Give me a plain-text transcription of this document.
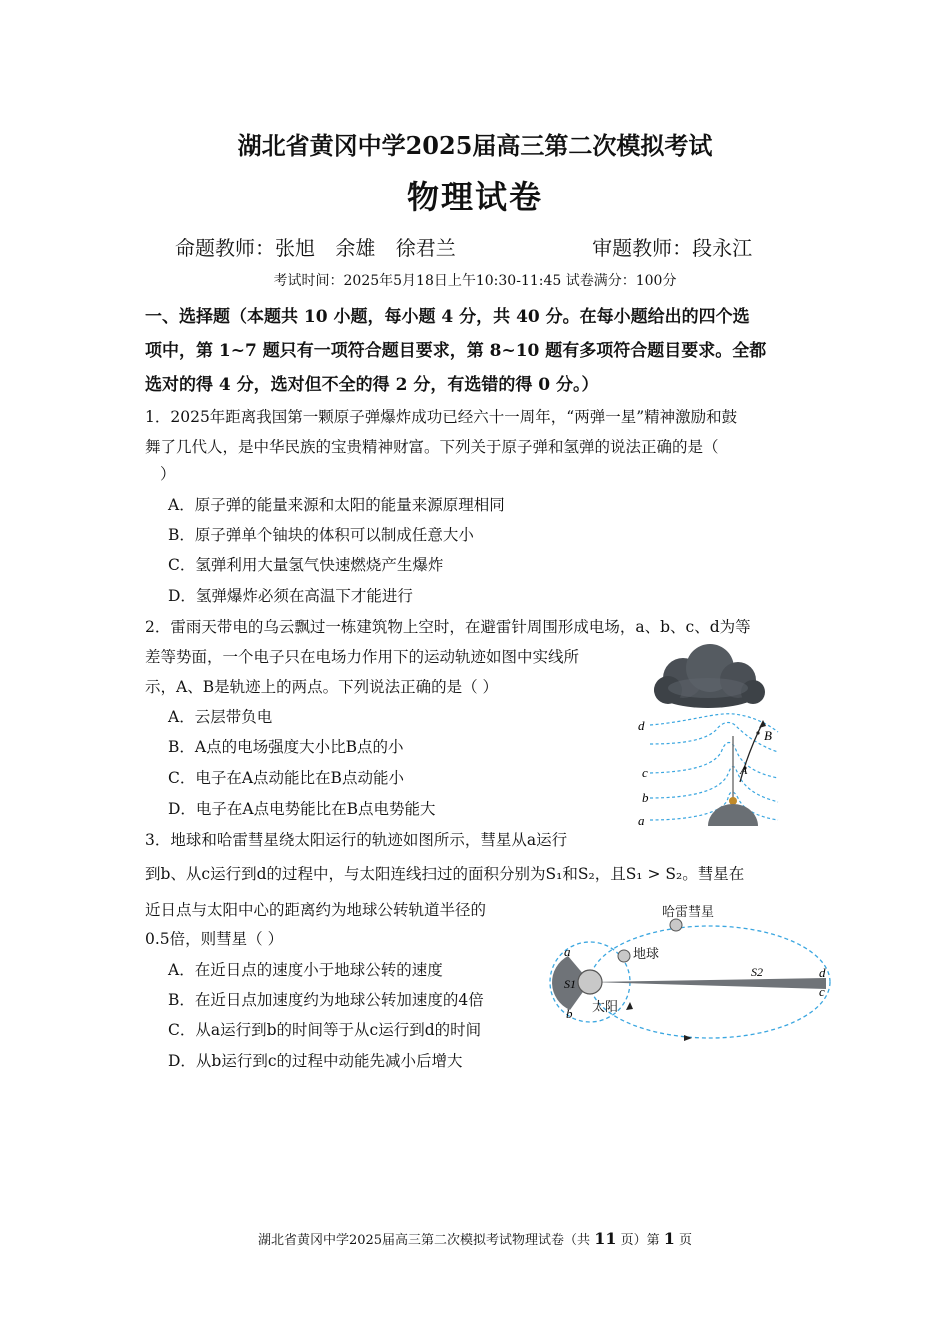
湖北省黄冈中学2025届高三第二次模拟考试
物理试卷
命题教师：张旭 余雄 徐君兰	审题教师：段永江
考试时间：2025年5月18日上午10:30-11:45 试卷满分：100分
一、选择题（本题共 10 小题，每小题 4 分，共 40 分。在每小题给出的四个选
项中，第 1~7 题只有一项符合题目要求，第 8~10 题有多项符合题目要求。全都
选对的得 4 分，选对但不全的得 2 分，有选错的得 0 分。）
1．2025年距离我国第一颗原子弹爆炸成功已经六十一周年，“两弹一星”精神激励和鼓
舞了几代人，是中华民族的宝贵精神财富。下列关于原子弹和氢弹的说法正确的是（
）
A．原子弹的能量来源和太阳的能量来源原理相同
B．原子弹单个铀块的体积可以制成任意大小
C．氢弹利用大量氢气快速燃烧产生爆炸
D．氢弹爆炸必须在高温下才能进行
2．雷雨天带电的乌云飘过一栋建筑物上空时，在避雷针周围形成电场，a、b、c、d为等
差等势面，一个电子只在电场力作用下的运动轨迹如图中实线所
示，A、B是轨迹上的两点。下列说法正确的是（ ）
A．云层带负电
B．A点的电场强度大小比B点的小
C．电子在A点动能比在B点动能小
D．电子在A点电势能比在B点电势能大
d
c
b
a
B
A
3．地球和哈雷彗星绕太阳运行的轨迹如图所示，彗星从a运行
到b、从c运行到d的过程中，与太阳连线扫过的面积分别为S₁和S₂，且S₁ > S₂。彗星在
近日点与太阳中心的距离约为地球公转轨道半径的
0.5倍，则彗星（ ）
A．在近日点的速度小于地球公转的速度
B．在近日点加速度约为地球公转加速度的4倍
C．从a运行到b的时间等于从c运行到d的时间
D．从b运行到c的过程中动能先减小后增大
哈雷彗星
地球
太阳
S1
S2
a
b
d
c
湖北省黄冈中学2025届高三第二次模拟考试物理试卷（共 11 页）第 1 页
